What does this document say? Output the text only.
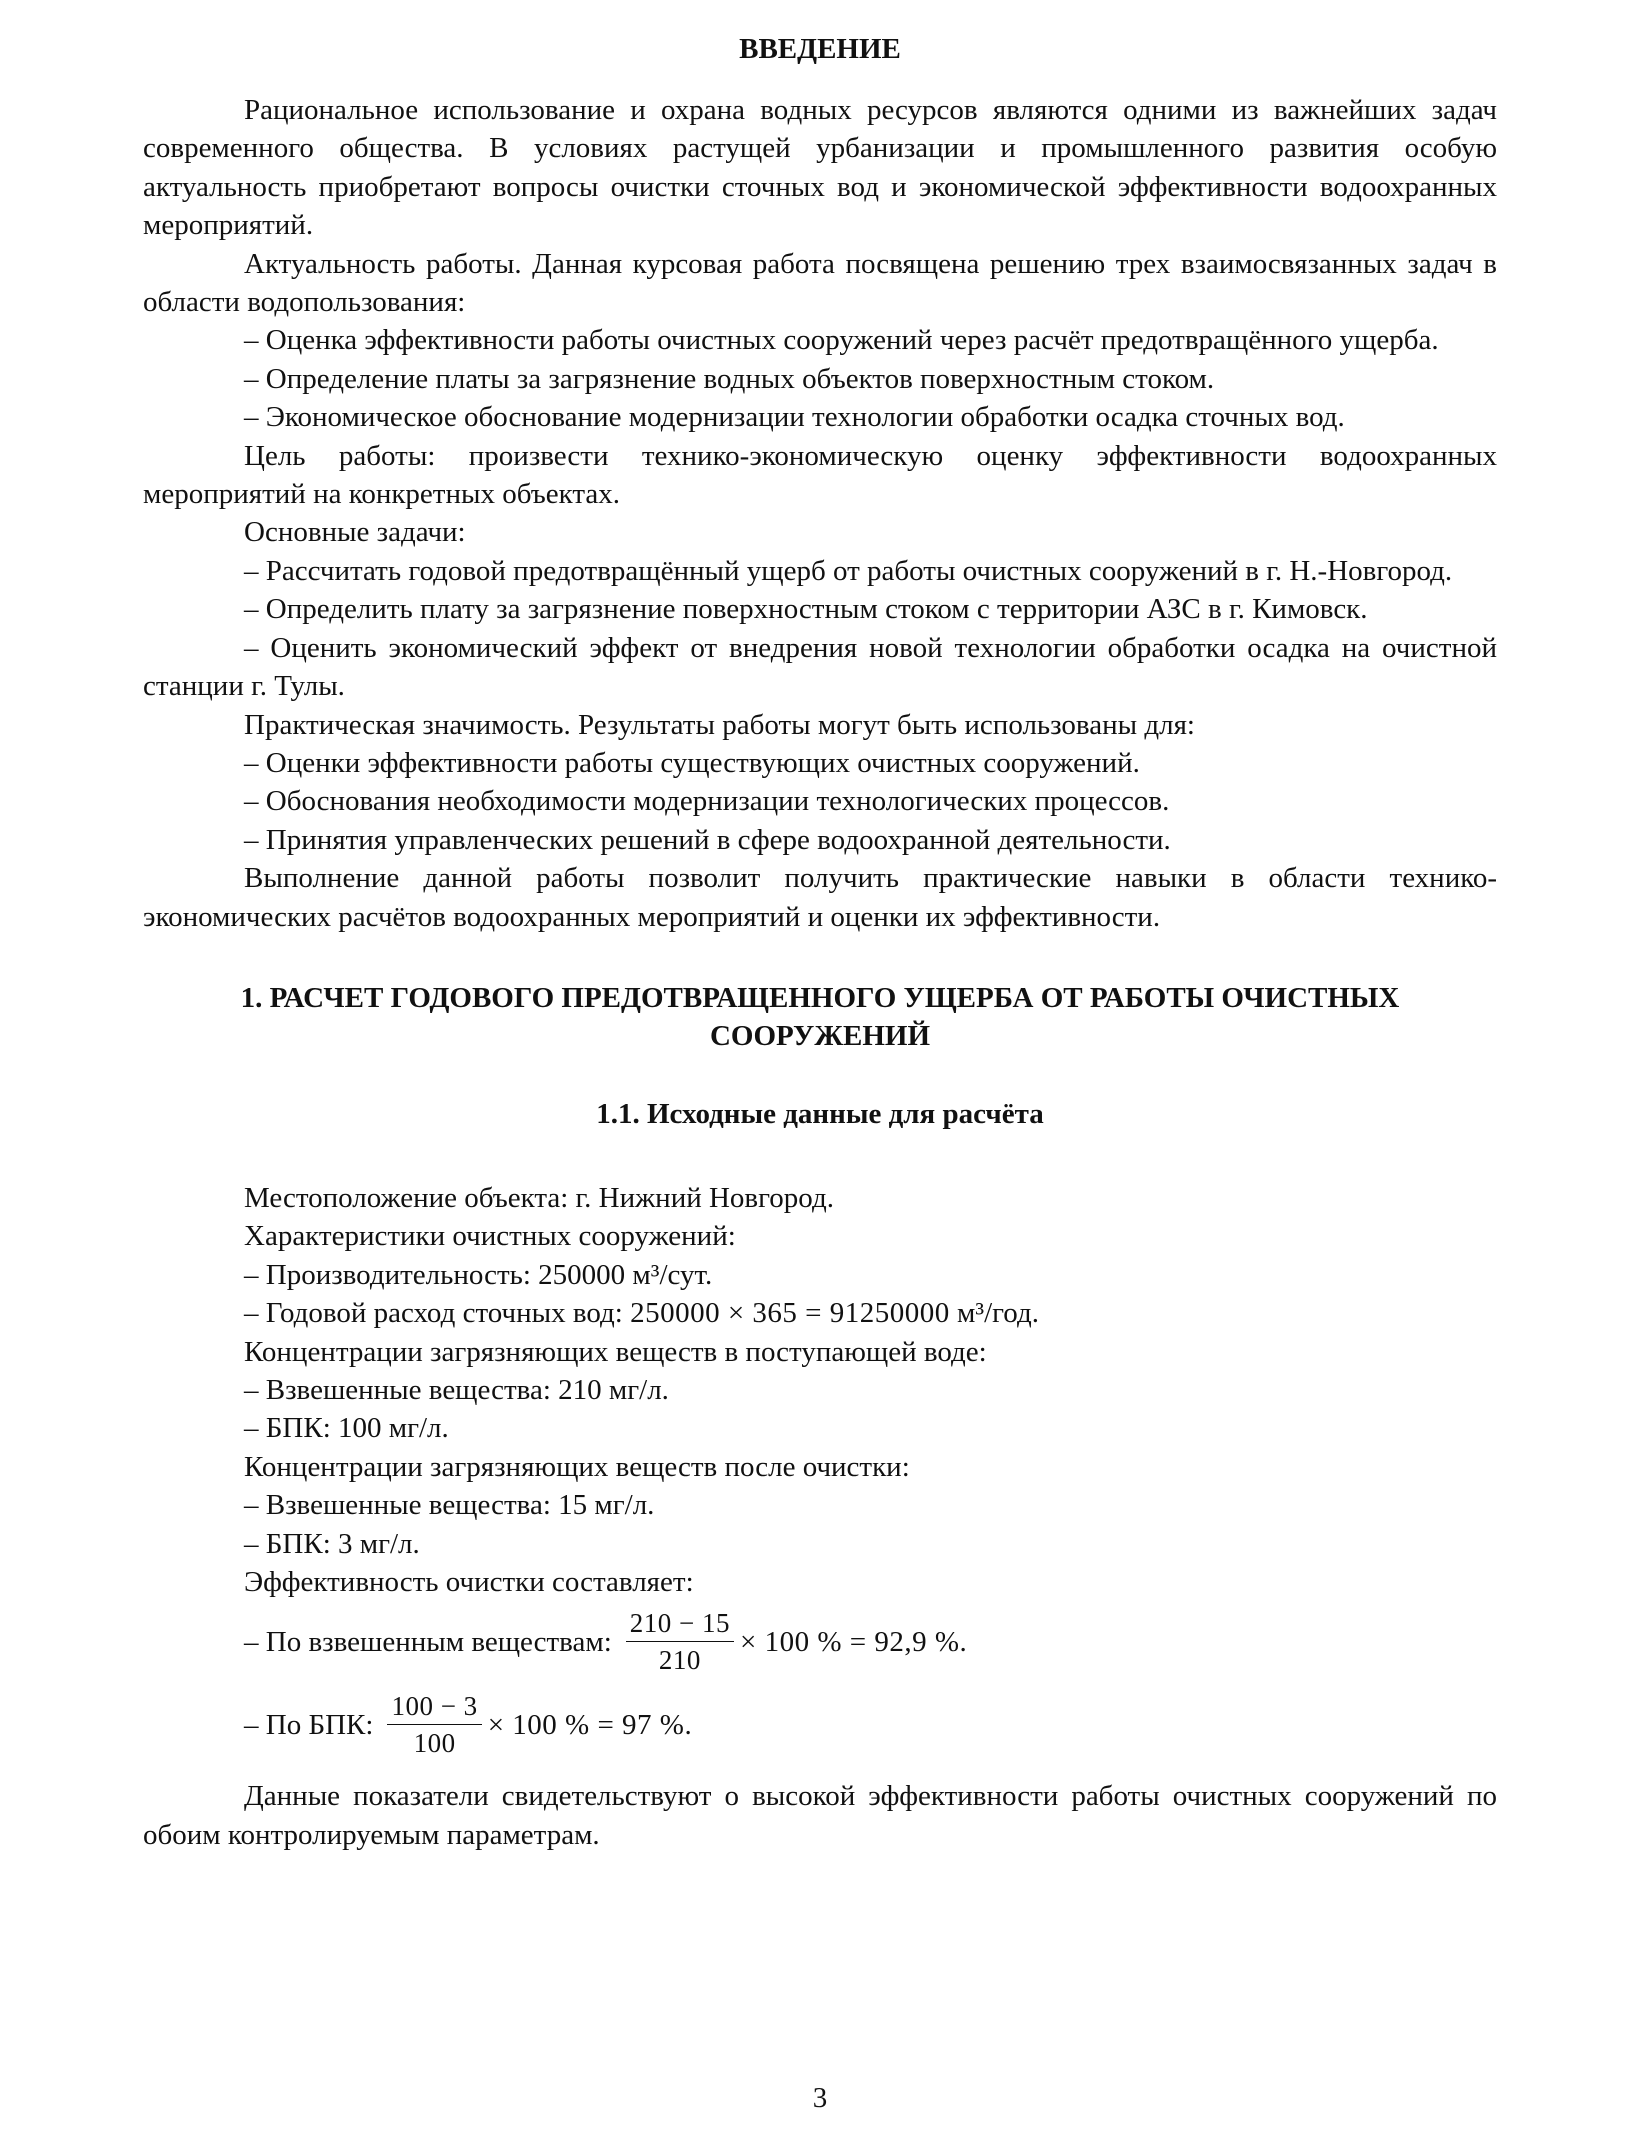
ВВЕДЕНИЕ

Рациональное использование и охрана водных ресурсов являются одними из важнейших задач современного общества. В условиях растущей урбанизации и промышленного развития особую актуальность приобретают вопросы очистки сточных вод и экономической эффективности водоохранных мероприятий.

Актуальность работы. Данная курсовая работа посвящена решению трех взаимосвязанных задач в области водопользования:

– Оценка эффективности работы очистных сооружений через расчёт предотвращённого ущерба.

– Определение платы за загрязнение водных объектов поверхностным стоком.

– Экономическое обоснование модернизации технологии обработки осадка сточных вод.

Цель работы: произвести технико-экономическую оценку эффективности водоохранных мероприятий на конкретных объектах.

Основные задачи:

– Рассчитать годовой предотвращённый ущерб от работы очистных сооружений в г. Н.-Новгород.

– Определить плату за загрязнение поверхностным стоком с территории АЗС в г. Кимовск.

– Оценить экономический эффект от внедрения новой технологии обработки осадка на очистной станции г. Тулы.

Практическая значимость. Результаты работы могут быть использованы для:

– Оценки эффективности работы существующих очистных сооружений.

– Обоснования необходимости модернизации технологических процессов.

– Принятия управленческих решений в сфере водоохранной деятельности.

Выполнение данной работы позволит получить практические навыки в области технико-экономических расчётов водоохранных мероприятий и оценки их эффективности.

1. РАСЧЕТ ГОДОВОГО ПРЕДОТВРАЩЕННОГО УЩЕРБА ОТ РАБОТЫ ОЧИСТНЫХ СООРУЖЕНИЙ
1.1. Исходные данные для расчёта

Местоположение объекта: г. Нижний Новгород.

Характеристики очистных сооружений:

– Производительность: 250000 м³/сут.

– Годовой расход сточных вод: 250000 × 365 = 91250000 м³/год.

Концентрации загрязняющих веществ в поступающей воде:

– Взвешенные вещества: 210 мг/л.

– БПК: 100 мг/л.

Концентрации загрязняющих веществ после очистки:

– Взвешенные вещества: 15 мг/л.

– БПК: 3 мг/л.

Эффективность очистки составляет:

– По взвешенным веществам: $\frac{210 - 15}{210} \times 100$ % = 92,9 %.
– По БПК: $\frac{100 - 3}{100} \times 100$ % = 97 %.

Данные показатели свидетельствуют о высокой эффективности работы очистных сооружений по обоим контролируемым параметрам.

3
